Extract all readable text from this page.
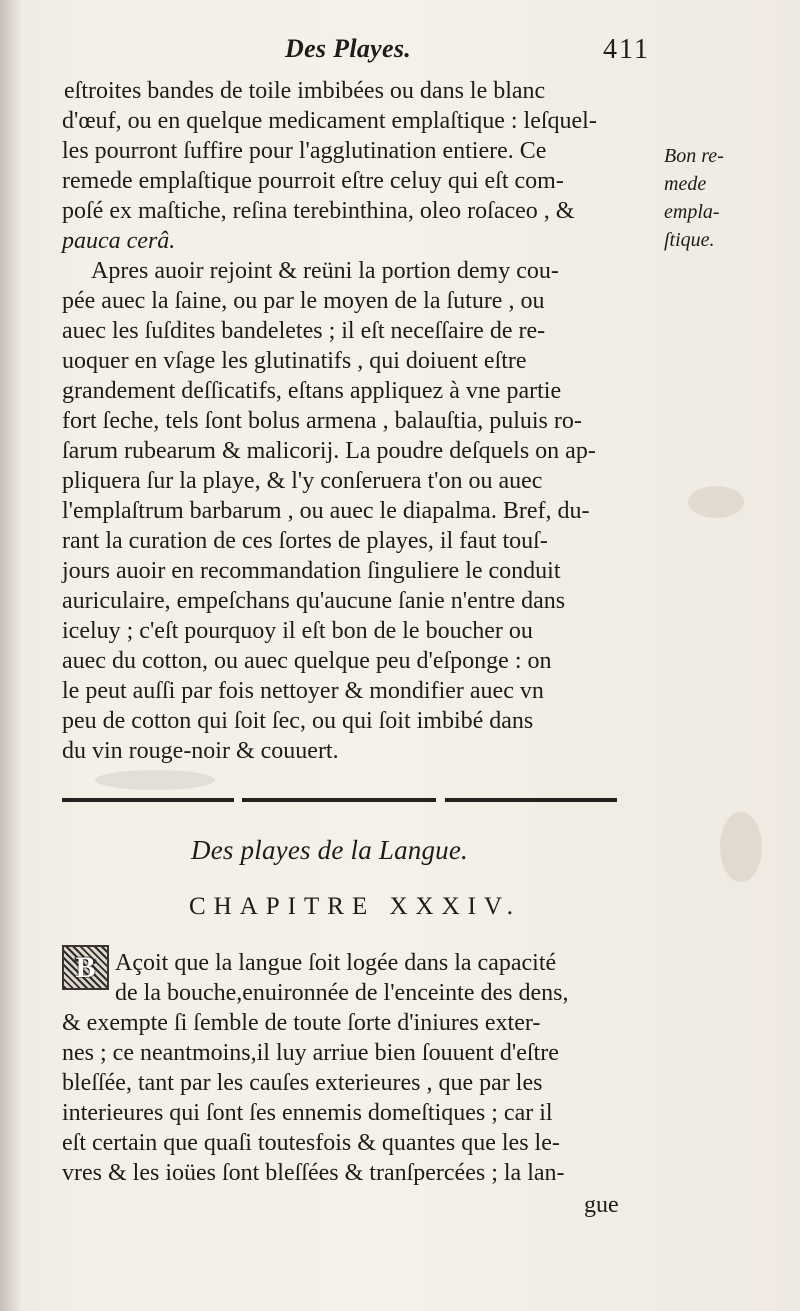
Des Playes.	411
eſtroites bandes de toile imbibées ou dans le blanc
d'œuf, ou en quelque medicament emplaſtique : leſquel-
les pourront ſuffire pour l'agglutination entiere. Ce
remede emplaſtique pourroit eſtre celuy qui eſt com-
poſé ex maſtiche, reſina terebinthina, oleo roſaceo , &
pauca cerâ.
Apres auoir rejoint & reüni la portion demy cou-
pée auec la ſaine, ou par le moyen de la ſuture , ou
auec les ſuſdites bandeletes ; il eſt neceſſaire de re-
uoquer en vſage les glutinatifs , qui doiuent eſtre
grandement deſſicatifs, eſtans appliquez à vne partie
fort ſeche, tels ſont bolus armena , balauſtia, puluis ro-
ſarum rubearum & malicorij. La poudre deſquels on ap-
pliquera ſur la playe, & l'y conſeruera t'on ou auec
l'emplaſtrum barbarum , ou auec le diapalma. Bref, du-
rant la curation de ces ſortes de playes, il faut touſ-
jours auoir en recommandation ſinguliere le conduit
auriculaire, empeſchans qu'aucune ſanie n'entre dans
iceluy ; c'eſt pourquoy il eſt bon de le boucher ou
auec du cotton, ou auec quelque peu d'eſponge : on
le peut auſſi par fois nettoyer & mondifier auec vn
peu de cotton qui ſoit ſec, ou qui ſoit imbibé dans
du vin rouge-noir & couuert.
Bon re-
mede
empla-
ſtique.
Des playes de la Langue.
CHAPITRE XXXIV.
B Açoit que la langue ſoit logée dans la capacité
de la bouche,enuironnée de l'enceinte des dens,
& exempte ſi ſemble de toute ſorte d'iniures exter-
nes ; ce neantmoins,il luy arriue bien ſouuent d'eſtre
bleſſée, tant par les cauſes exterieures , que par les
interieures qui ſont ſes ennemis domeſtiques ; car il
eſt certain que quaſi toutesfois & quantes que les le-
vres & les ioües ſont bleſſées & tranſpercées ; la lan-
gue
